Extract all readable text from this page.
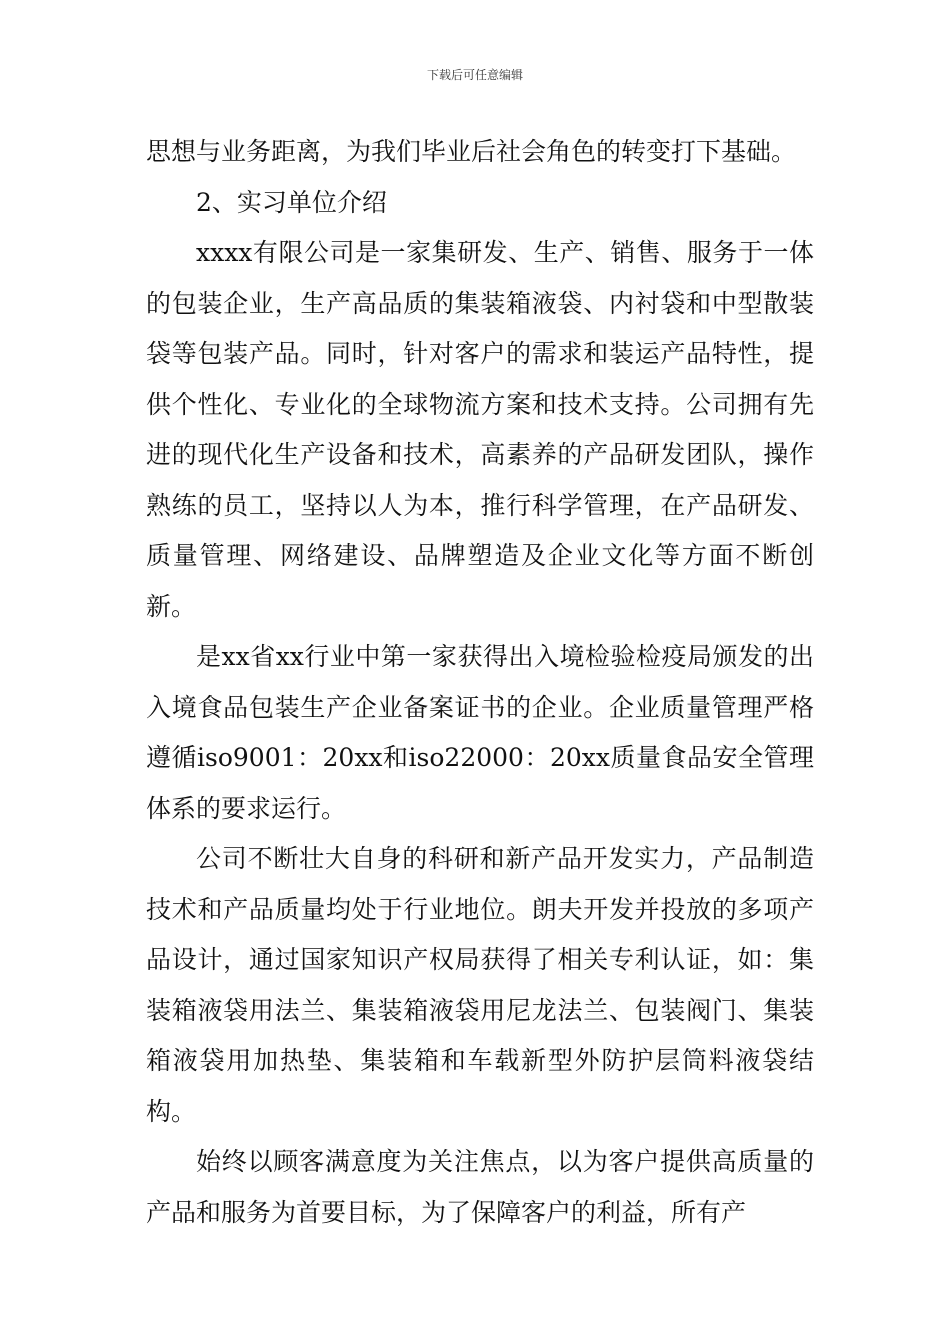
下载后可任意编辑

思想与业务距离，为我们毕业后社会角色的转变打下基础。

2、实习单位介绍

xxxx有限公司是一家集研发、生产、销售、服务于一体的包装企业，生产高品质的集装箱液袋、内衬袋和中型散装袋等包装产品。同时，针对客户的需求和装运产品特性，提供个性化、专业化的全球物流方案和技术支持。公司拥有先进的现代化生产设备和技术，高素养的产品研发团队，操作熟练的员工，坚持以人为本，推行科学管理，在产品研发、质量管理、网络建设、品牌塑造及企业文化等方面不断创新。

是xx省xx行业中第一家获得出入境检验检疫局颁发的出入境食品包装生产企业备案证书的企业。企业质量管理严格遵循iso9001：20xx和iso22000：20xx质量食品安全管理体系的要求运行。

公司不断壮大自身的科研和新产品开发实力，产品制造技术和产品质量均处于行业地位。朗夫开发并投放的多项产品设计，通过国家知识产权局获得了相关专利认证，如：集装箱液袋用法兰、集装箱液袋用尼龙法兰、包装阀门、集装箱液袋用加热垫、集装箱和车载新型外防护层筒料液袋结构。

始终以顾客满意度为关注焦点，以为客户提供高质量的产品和服务为首要目标，为了保障客户的利益，所有产
